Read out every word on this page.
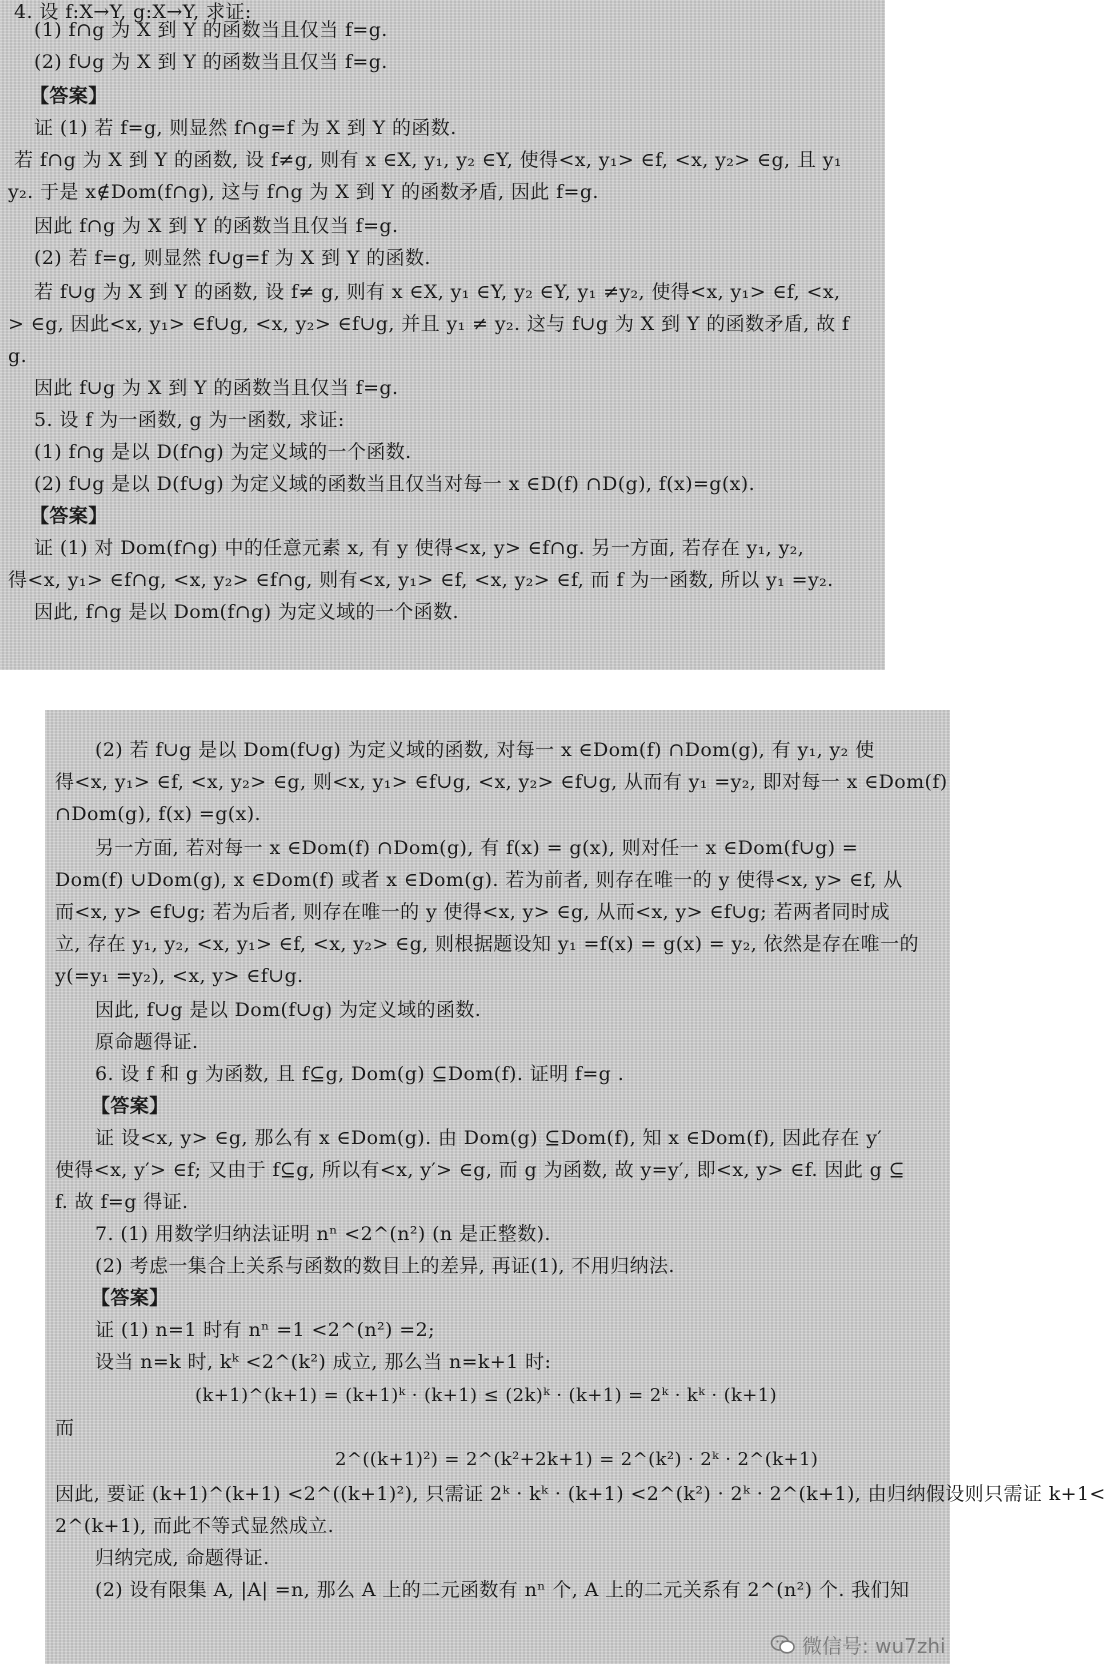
4. 设 f:X→Y, g:X→Y, 求证:
(1) f∩g 为 X 到 Y 的函数当且仅当 f=g.
(2) f∪g 为 X 到 Y 的函数当且仅当 f=g.
【答案】
证 (1) 若 f=g, 则显然 f∩g=f 为 X 到 Y 的函数.
若 f∩g 为 X 到 Y 的函数, 设 f≠g, 则有 x ∈X, y₁, y₂ ∈Y, 使得<x, y₁> ∈f, <x, y₂> ∈g, 且 y₁
y₂. 于是 x∉Dom(f∩g), 这与 f∩g 为 X 到 Y 的函数矛盾, 因此 f=g.
因此 f∩g 为 X 到 Y 的函数当且仅当 f=g.
(2) 若 f=g, 则显然 f∪g=f 为 X 到 Y 的函数.
若 f∪g 为 X 到 Y 的函数, 设 f≠ g, 则有 x ∈X, y₁ ∈Y, y₂ ∈Y, y₁ ≠y₂, 使得<x, y₁> ∈f, <x,
> ∈g, 因此<x, y₁> ∈f∪g, <x, y₂> ∈f∪g, 并且 y₁ ≠ y₂. 这与 f∪g 为 X 到 Y 的函数矛盾, 故 f
g.
因此 f∪g 为 X 到 Y 的函数当且仅当 f=g.
5. 设 f 为一函数, g 为一函数, 求证:
(1) f∩g 是以 D(f∩g) 为定义域的一个函数.
(2) f∪g 是以 D(f∪g) 为定义域的函数当且仅当对每一 x ∈D(f) ∩D(g), f(x)=g(x).
【答案】
证 (1) 对 Dom(f∩g) 中的任意元素 x, 有 y 使得<x, y> ∈f∩g. 另一方面, 若存在 y₁, y₂,
得<x, y₁> ∈f∩g, <x, y₂> ∈f∩g, 则有<x, y₁> ∈f, <x, y₂> ∈f, 而 f 为一函数, 所以 y₁ =y₂.
因此, f∩g 是以 Dom(f∩g) 为定义域的一个函数.
(2) 若 f∪g 是以 Dom(f∪g) 为定义域的函数, 对每一 x ∈Dom(f) ∩Dom(g), 有 y₁, y₂ 使
得<x, y₁> ∈f, <x, y₂> ∈g, 则<x, y₁> ∈f∪g, <x, y₂> ∈f∪g, 从而有 y₁ =y₂, 即对每一 x ∈Dom(f)
∩Dom(g), f(x) =g(x).
另一方面, 若对每一 x ∈Dom(f) ∩Dom(g), 有 f(x) = g(x), 则对任一 x ∈Dom(f∪g) =
Dom(f) ∪Dom(g), x ∈Dom(f) 或者 x ∈Dom(g). 若为前者, 则存在唯一的 y 使得<x, y> ∈f, 从
而<x, y> ∈f∪g; 若为后者, 则存在唯一的 y 使得<x, y> ∈g, 从而<x, y> ∈f∪g; 若两者同时成
立, 存在 y₁, y₂, <x, y₁> ∈f, <x, y₂> ∈g, 则根据题设知 y₁ =f(x) = g(x) = y₂, 依然是存在唯一的
y(=y₁ =y₂), <x, y> ∈f∪g.
因此, f∪g 是以 Dom(f∪g) 为定义域的函数.
原命题得证.
6. 设 f 和 g 为函数, 且 f⊆g, Dom(g) ⊆Dom(f). 证明 f=g .
【答案】
证 设<x, y> ∈g, 那么有 x ∈Dom(g). 由 Dom(g) ⊆Dom(f), 知 x ∈Dom(f), 因此存在 y′
使得<x, y′> ∈f; 又由于 f⊆g, 所以有<x, y′> ∈g, 而 g 为函数, 故 y=y′, 即<x, y> ∈f. 因此 g ⊆
f. 故 f=g 得证.
7. (1) 用数学归纳法证明 nⁿ <2^(n²) (n 是正整数).
(2) 考虑一集合上关系与函数的数目上的差异, 再证(1), 不用归纳法.
【答案】
证 (1) n=1 时有 nⁿ =1 <2^(n²) =2;
设当 n=k 时, kᵏ <2^(k²) 成立, 那么当 n=k+1 时:
(k+1)^(k+1) = (k+1)ᵏ · (k+1) ≤ (2k)ᵏ · (k+1) = 2ᵏ · kᵏ · (k+1)
而
2^((k+1)²) = 2^(k²+2k+1) = 2^(k²) · 2ᵏ · 2^(k+1)
因此, 要证 (k+1)^(k+1) <2^((k+1)²), 只需证 2ᵏ · kᵏ · (k+1) <2^(k²) · 2ᵏ · 2^(k+1), 由归纳假设则只需证 k+1<
2^(k+1), 而此不等式显然成立.
归纳完成, 命题得证.
(2) 设有限集 A, |A| =n, 那么 A 上的二元函数有 nⁿ 个, A 上的二元关系有 2^(n²) 个. 我们知
微信号: wu7zhi
